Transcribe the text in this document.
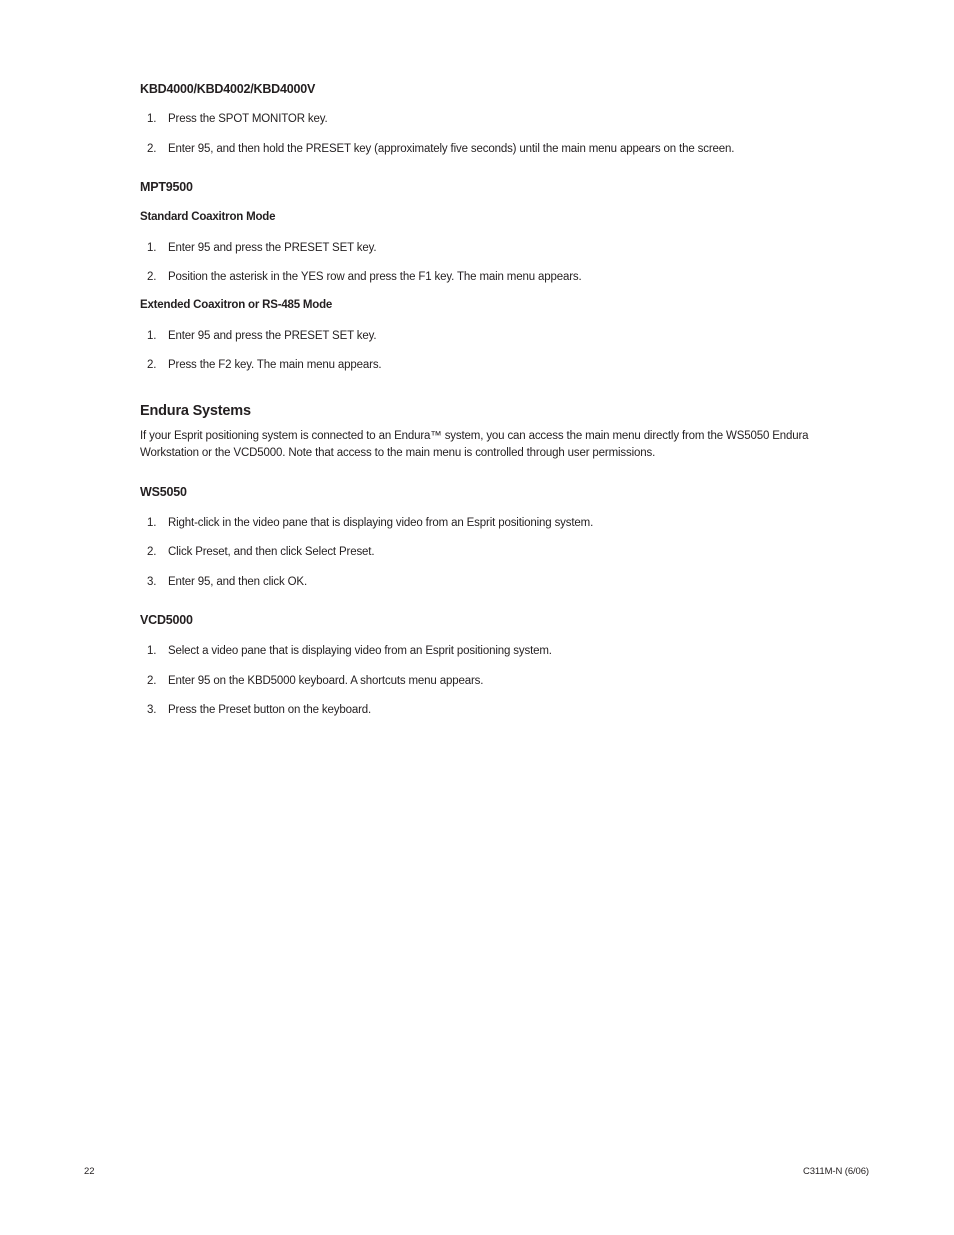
KBD4000/KBD4002/KBD4000V
1. Press the SPOT MONITOR key.
2. Enter 95, and then hold the PRESET key (approximately five seconds) until the main menu appears on the screen.
MPT9500
Standard Coaxitron Mode
1. Enter 95 and press the PRESET SET key.
2. Position the asterisk in the YES row and press the F1 key. The main menu appears.
Extended Coaxitron or RS-485 Mode
1. Enter 95 and press the PRESET SET key.
2. Press the F2 key. The main menu appears.
Endura Systems

If your Esprit positioning system is connected to an Endura™ system, you can access the main menu directly from the WS5050 Endura Workstation or the VCD5000. Note that access to the main menu is controlled through user permissions.

WS5050
1. Right-click in the video pane that is displaying video from an Esprit positioning system.
2. Click Preset, and then click Select Preset.
3. Enter 95, and then click OK.
VCD5000
1. Select a video pane that is displaying video from an Esprit positioning system.
2. Enter 95 on the KBD5000 keyboard. A shortcuts menu appears.
3. Press the Preset button on the keyboard.
22	C311M-N (6/06)
